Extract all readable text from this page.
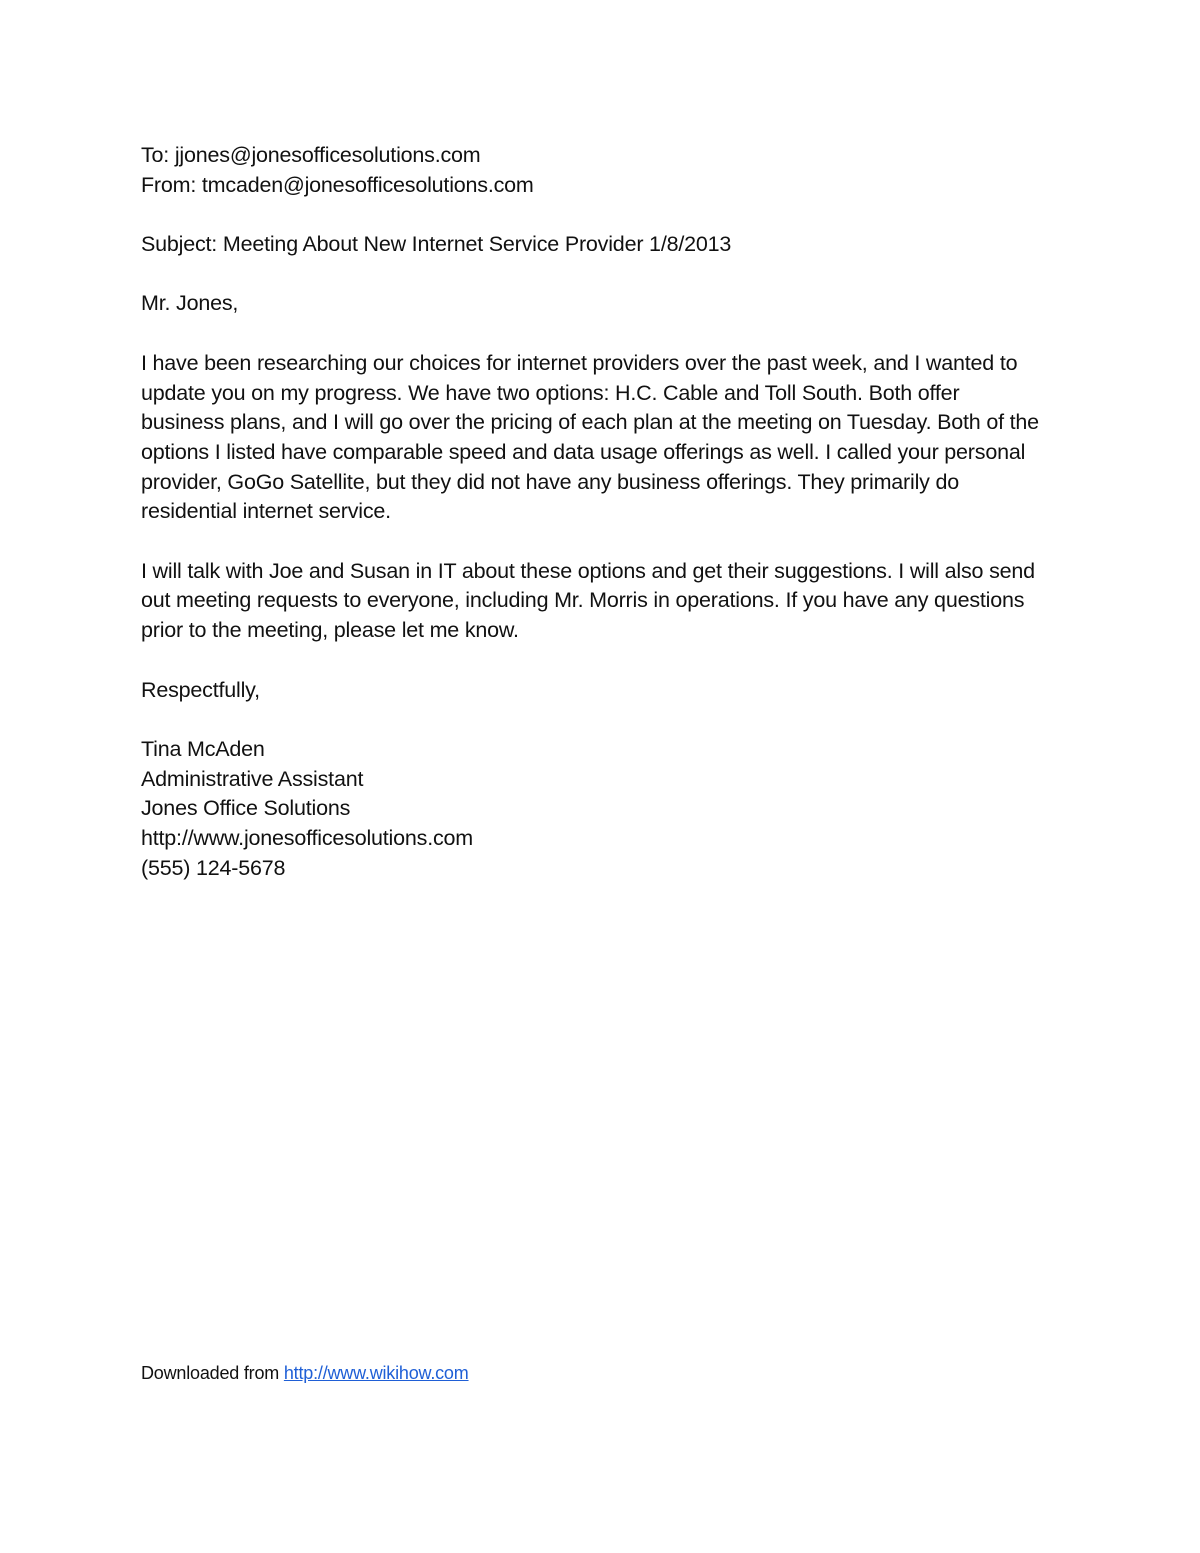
To: jjones@jonesofficesolutions.com
From: tmcaden@jonesofficesolutions.com
Subject: Meeting About New Internet Service Provider 1/8/2013
Mr. Jones,
I have been researching our choices for internet providers over the past week, and I wanted to
update you on my progress. We have two options: H.C. Cable and Toll South. Both offer
business plans, and I will go over the pricing of each plan at the meeting on Tuesday. Both of the
options I listed have comparable speed and data usage offerings as well. I called your personal
provider, GoGo Satellite, but they did not have any business offerings. They primarily do
residential internet service.
I will talk with Joe and Susan in IT about these options and get their suggestions. I will also send
out meeting requests to everyone, including Mr. Morris in operations. If you have any questions
prior to the meeting, please let me know.
Respectfully,
Tina McAden
Administrative Assistant
Jones Office Solutions
http://www.jonesofficesolutions.com
(555) 124-5678
Downloaded from http://www.wikihow.com
